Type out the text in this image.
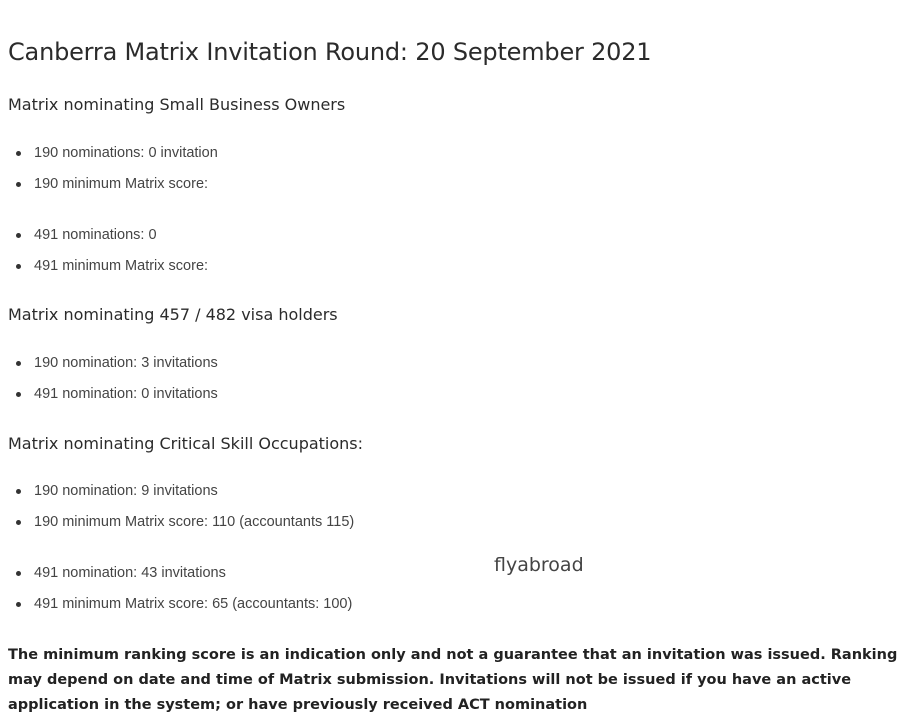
Canberra Matrix Invitation Round: 20 September 2021
Matrix nominating Small Business Owners
190 nominations: 0 invitation
190 minimum Matrix score:
491 nominations: 0
491 minimum Matrix score:
Matrix nominating 457 / 482 visa holders
190 nomination: 3 invitations
491 nomination: 0 invitations
Matrix nominating Critical Skill Occupations:
190 nomination: 9 invitations
190 minimum Matrix score: 110 (accountants 115)
491 nomination: 43 invitations
491 minimum Matrix score: 65 (accountants: 100)

The minimum ranking score is an indication only and not a guarantee that an invitation was issued. Ranking may depend on date and time of Matrix submission. Invitations will not be issued if you have an active application in the system; or have previously received ACT nomination

flyabroad
